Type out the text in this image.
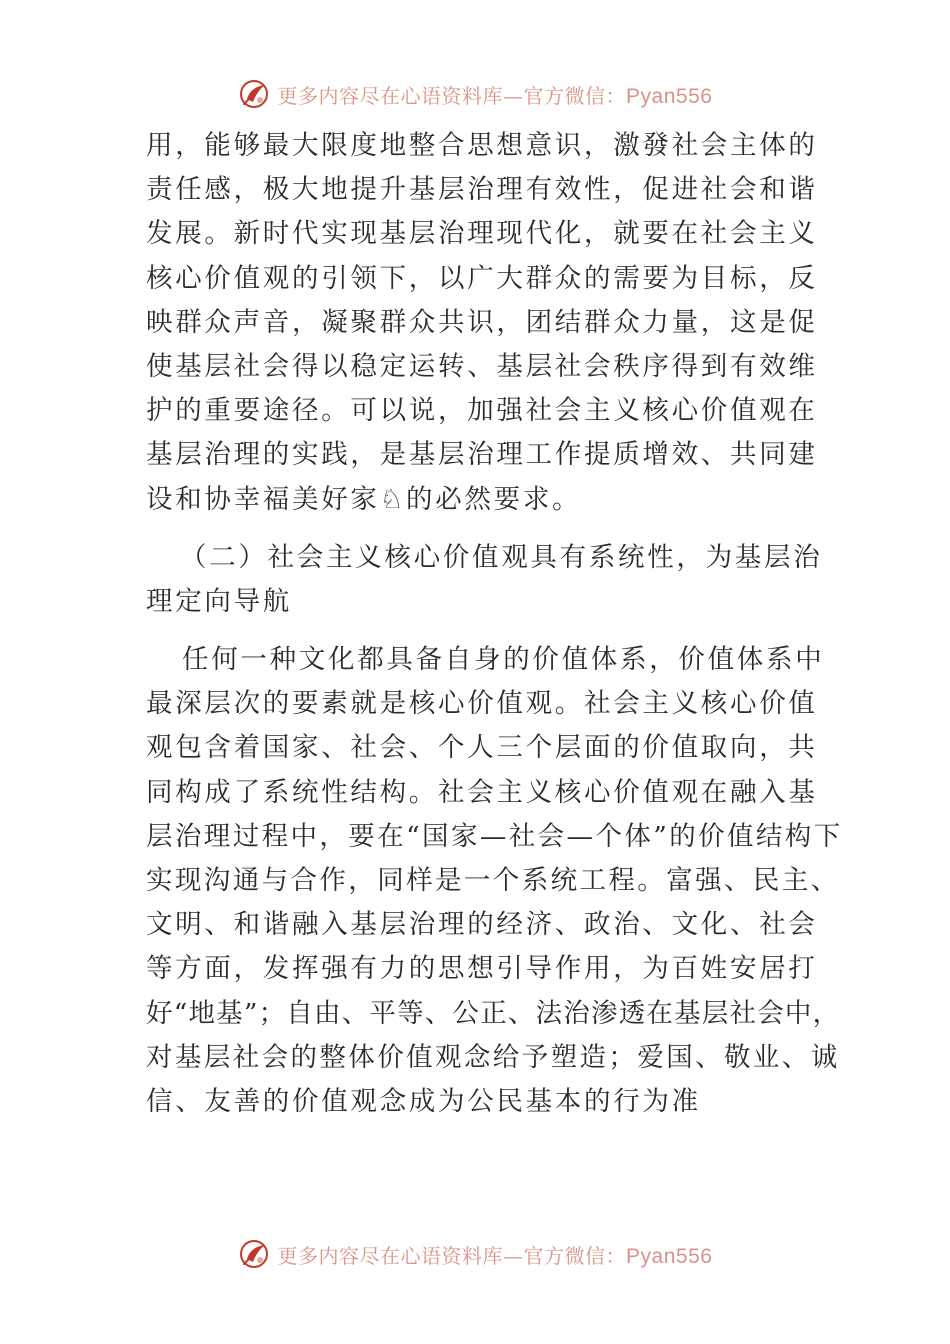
更多内容尽在心语资料库—官方微信：Pyan556
用，能够最大限度地整合思想意识，激發社会主体的
责任感，极大地提升基层治理有效性，促进社会和谐
发展。新时代实现基层治理现代化，就要在社会主义
核心价值观的引领下，以广大群众的需要为目标，反
映群众声音，凝聚群众共识，团结群众力量，这是促
使基层社会得以稳定运转、基层社会秩序得到有效维
护的重要途径。可以说，加强社会主义核心价值观在
基层治理的实践，是基层治理工作提质增效、共同建
设和协幸福美好家♘的必然要求。
（二）社会主义核心价值观具有系统性，为基层治
理定向导航
任何一种文化都具备自身的价值体系，价值体系中
最深层次的要素就是核心价值观。社会主义核心价值
观包含着国家、社会、个人三个层面的价值取向，共
同构成了系统性结构。社会主义核心价值观在融入基
层治理过程中，要在“国家—社会—个体”的价值结构下
实现沟通与合作，同样是一个系统工程。富强、民主、
文明、和谐融入基层治理的经济、政治、文化、社会
等方面，发挥强有力的思想引导作用，为百姓安居打
好“地基”；自由、平等、公正、法治渗透在基层社会中，
对基层社会的整体价值观念给予塑造；爱国、敬业、诚
信、友善的价值观念成为公民基本的行为准
更多内容尽在心语资料库—官方微信：Pyan556
